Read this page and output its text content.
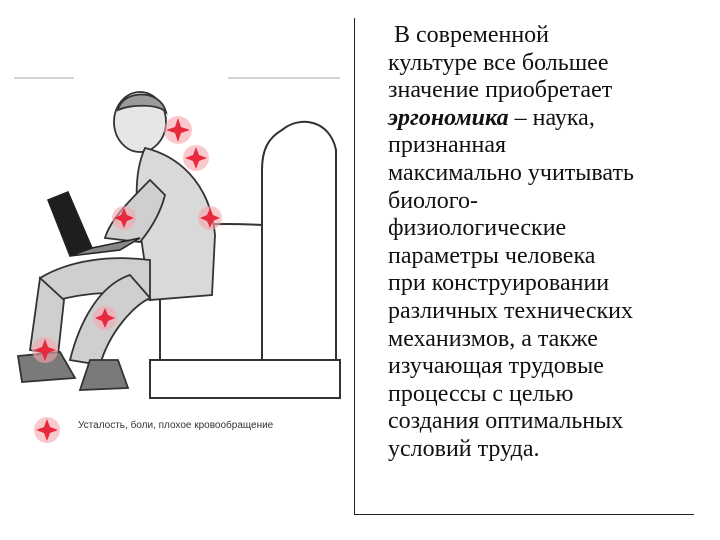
Усталость, боли, плохое кровообращение
В современной
культуре все большее
значение приобретает
эргономика – наука,
признанная
максимально учитывать
биолого-
физиологические
параметры человека
при конструировании
различных технических
механизмов, а также
изучающая трудовые
процессы с целью
создания оптимальных
условий труда.
